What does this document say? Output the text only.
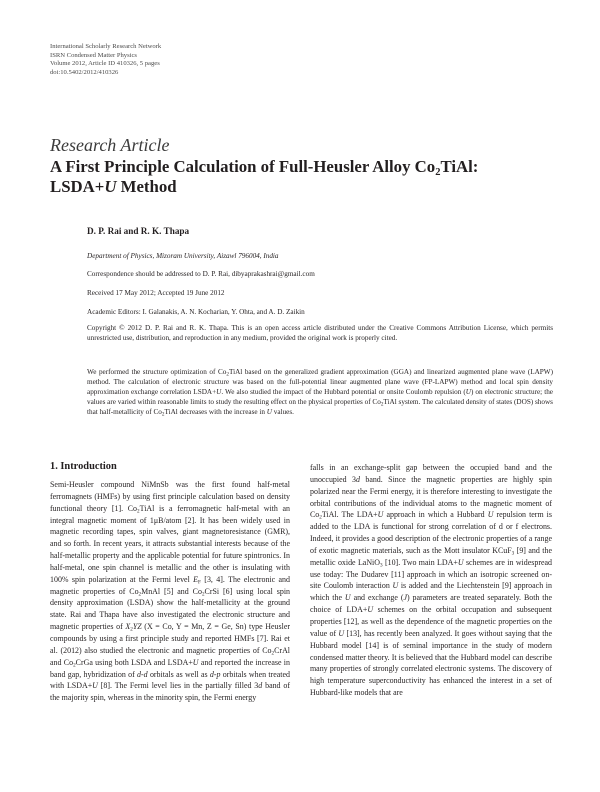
International Scholarly Research Network
ISRN Condensed Matter Physics
Volume 2012, Article ID 410326, 5 pages
doi:10.5402/2012/410326
Research Article
A First Principle Calculation of Full-Heusler Alloy $Co_2TiAl$:
LSDA+U Method
D. P. Rai and R. K. Thapa
Department of Physics, Mizoram University, Aizawl 796004, India
Correspondence should be addressed to D. P. Rai, dibyaprakashrai@gmail.com
Received 17 May 2012; Accepted 19 June 2012
Academic Editors: I. Galanakis, A. N. Kocharian, Y. Ohta, and A. D. Zaikin
Copyright © 2012 D. P. Rai and R. K. Thapa. This is an open access article distributed under the Creative Commons Attribution License, which permits unrestricted use, distribution, and reproduction in any medium, provided the original work is properly cited.
We performed the structure optimization of $Co_2TiAl$ based on the generalized gradient approximation (GGA) and linearized augmented plane wave (LAPW) method. The calculation of electronic structure was based on the full-potential linear augmented plane wave (FP-LAPW) method and local spin density approximation exchange correlation LSDA+U. We also studied the impact of the Hubbard potential or onsite Coulomb repulsion (U) on electronic structure; the values are varied within reasonable limits to study the resulting effect on the physical properties of $Co_2TiAl$ system. The calculated density of states (DOS) shows that half-metallicity of $Co_2TiAl$ decreases with the increase in U values.
1. Introduction

Semi-Heusler compound NiMnSb was the first found half-metal ferromagnets (HMFs) by using first principle calculation based on density functional theory [1]. $Co_2TiAl$ is a ferromagnetic half-metal with an integral magnetic moment of 1μB/atom [2]. It has been widely used in magnetic recording tapes, spin valves, giant magnetoresistance (GMR), and so forth. In recent years, it attracts substantial interests because of the half-metallic property and the applicable potential for future spintronics. In half-metal, one spin channel is metallic and the other is insulating with 100% spin polarization at the Fermi level $E_F$ [3, 4]. The electronic and magnetic properties of $Co_2MnAl$ [5] and $Co_2CrSi$ [6] using local spin density approximation (LSDA) show the half-metallicity at the ground state. Rai and Thapa have also investigated the electronic structure and magnetic properties of $X_2YZ$ (X = Co, Y = Mn, Z = Ge, Sn) type Heusler compounds by using a first principle study and reported HMFs [7]. Rai et al. (2012) also studied the electronic and magnetic properties of $Co_2CrAl$ and $Co_2CrGa$ using both LSDA and LSDA+U and reported the increase in band gap, hybridization of d-d orbitals as well as d-p orbitals when treated with LSDA+U [8]. The Fermi level lies in the partially filled 3d band of the majority spin, whereas in the minority spin, the Fermi energy

falls in an exchange-split gap between the occupied band and the unoccupied 3d band. Since the magnetic properties are highly spin polarized near the Fermi energy, it is therefore interesting to investigate the orbital contributions of the individual atoms to the magnetic moment of $Co_2TiAl$. The LDA+U approach in which a Hubbard U repulsion term is added to the LDA is functional for strong correlation of d or f electrons. Indeed, it provides a good description of the electronic properties of a range of exotic magnetic materials, such as the Mott insulator KCuF$_3$ [9] and the metallic oxide LaNiO$_3$ [10]. Two main LDA+U schemes are in widespread use today: The Dudarev [11] approach in which an isotropic screened on-site Coulomb interaction U is added and the Liechtenstein [9] approach in which the U and exchange (J) parameters are treated separately. Both the choice of LDA+U schemes on the orbital occupation and subsequent properties [12], as well as the dependence of the magnetic properties on the value of U [13], has recently been analyzed. It goes without saying that the Hubbard model [14] is of seminal importance in the study of modern condensed matter theory. It is believed that the Hubbard model can describe many properties of strongly correlated electronic systems. The discovery of high temperature superconductivity has enhanced the interest in a set of Hubbard-like models that are
